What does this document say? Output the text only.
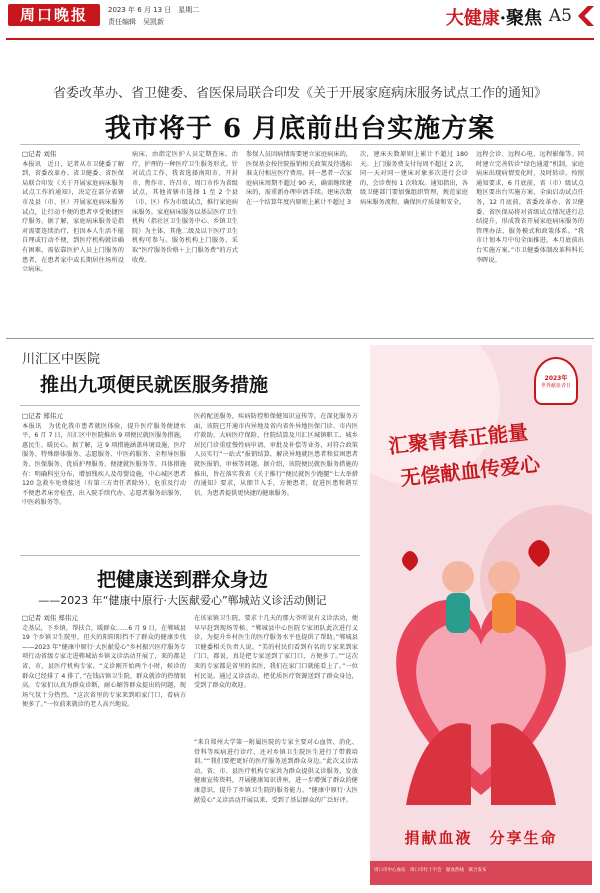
周口晚报	2023 年 6 月 13 日　星期二
责任编辑　吴凯新	大健康·聚焦 A5
省委改革办、省卫健委、省医保局联合印发《关于开展家庭病床服务试点工作的通知》
我市将于 6 月底前出台实施方案
□记者 刘伟
本报讯　近日，记者从市卫健委了解到，省委改革办、省卫健委、省医保局联合印发《关于开展家庭病床服务试点工作的通知》，决定在部分省辖市及县（市、区）开展家庭病床服务试点，让行动不便的患者享受便捷医疗服务。据了解，家庭病床服务是指对需要连续治疗，但因本人生活不能自理或行动不便，到医疗机构就诊确有困难，需依靠医护人员上门服务的患者，在患者家中或长期居住场所设立病床。
病床，由指定医护人员定期查床、治疗、护理的一种医疗卫生服务形式。针对试点工作，我省选择南阳市、开封市、焦作市、许昌市、周口市作为省级试点，其他省辖市选择 1 至 2 个县（市、区）作为市级试点，推行家庭病床服务。家庭病床服务以基层医疗卫生机构（指社区卫生服务中心、乡镇卫生院）为主体，其他二级及以下医疗卫生机构可参与。服务机构上门服务，采取“医疗服务价格＋上门服务费”的方式收费。
参保人员因病情需要建立家庭病床的，医保基金按住院报销相关政策及待遇标准支付相应医疗费用。同一患者一次家庭病床周期不超过 90 天，确需继续建床的，需重新办理申请手续。建床次数在一个结算年度内原则上累计不超过 3
次，建床天数原则上累计不超过 180 天。上门服务费支付每周不超过 2 次，同一天对同一建床对象多次进行会诊的，会诊费按 1 次收取。通知指出，各级卫健部门要加强组织管理，规范家庭病床服务流程，确保医疗质量和安全。
远程会诊、远程心电、远程影像等。同时建立完善转诊“绿色通道”机制，家庭病床出现病情变化时，及时转诊。按照通知要求，6 月底前，省（市）级试点地区要出台实施方案，全面启动试点任务，12 月底前，省委改革办、省卫健委、省医保局将对省级试点情况进行总结提升，形成我省开展家庭病床服务的管理办法、服务模式和政策体系。“我市计划本月中旬全面推进，本月底前出台实施方案。”市卫健委体制改革科科长李晖说。
川汇区中医院
推出九项便民就医服务措施
□记者 郑伟元
本报讯　为优化我市患者就医体验，提升医疗服务便捷水平，6 月 7 日，川汇区中医院推出 9 项便民就医服务措施，惠民生、暖民心。据了解，这 9 项措施涵盖环境设施、医疗服务、特殊群体服务、志愿服务、中医药服务、全程导医服务、医保服务、优质护理服务、便捷就医服务等。具体措施有：明确科室分布，增加残疾人及母婴设施，中心城区患者 120 急救车免费接送（有第三方责任者除外），危重及行动不便患者床旁检查，出入院手续代办，志愿者服务站服务，中医药服务等。
医药配送服务，疾病防控和保健知识宣传等。在深化服务方面，该院已开通市内异地及省内省外异地医保门诊、市内医疗救助、大病医疗保险、住院结算及川汇区城镇职工、城乡居民门诊重症慢性病申请、审批及补偿等业务，对符合政策人员实行“一站式”报销结算，解决异地就医患者和贫困患者就医报销、审核等问题。据介绍，该院便民就医服务措施的推出，旨在落实我省《关于推行“便民就医少跑腿”七大举措的通知》要求，从细节入手，方便患者，促进医患和谐互信，为患者提供更快捷的健康服务。
把健康送到群众身边
——2023 年“健康中原行·大医献爱心”郸城站义诊活动侧记
□记者 刘伟 郑伟元
走基层，下乡镇，帮扶合，暖群众……6 月 9 日，在郸城县 19 个乡镇卫生院里，但火的阳阳阳挡不了群众的健康步伐——2023 年“健康中原行·大医献爱心”乡村振兴医疗服务专项行动省级专家走进郸城站乡镇义诊活动开展了，来的都是省、市、县医疗机构专家。“义诊刚开始两个小时，候诊的群众已经排了 4 排了，”在钱店镇卫生院，群众就诊的热情很高。专家们认真为群众诊断，耐心解答群众提出的问题，现场气氛十分热烈。“这次省里的专家来到咱家门口，看病方便多了。”一位前来就诊的老人高兴地说。
在该家镇卫生院，要求十几天的那大爷听说有义诊活动，便早早赶到现场等候。“郸城县中心医院专家团队此次进行义诊，为提升乡村医生的医疗服务水平也提供了帮助。”郸城县卫健委相关负责人说。“美的村民们看到有名的专家来到家门口，都说，真是把专家送到了家门口，方便多了。”“这次来的专家都是省里的名医，我们在家门口就能看上了。”一位村民说。通过义诊活动，把优质医疗资源送到了群众身边，受到了群众的欢迎。
“来自郑州大学第一附属医院的专家主要对心血管、消化、骨科等疾病进行诊疗，还对乡镇卫生院医生进行了带教培训。”“我们要把更好的医疗服务送到群众身边。”此次义诊活动，省、市、县医疗机构专家共为群众提供义诊服务，发放健康宣传资料，开展健康知识讲座，进一步增强了群众的健康意识，提升了乡镇卫生院的服务能力。“健康中原行·大医献爱心”义诊活动开展以来，受到了基层群众的广泛好评。
2023年
世界献血者日
汇聚青春正能量
无偿献血传爱心
捐献血液　分享生命
周口市中心血站　周口市红十字会　献血热线　联合发布
